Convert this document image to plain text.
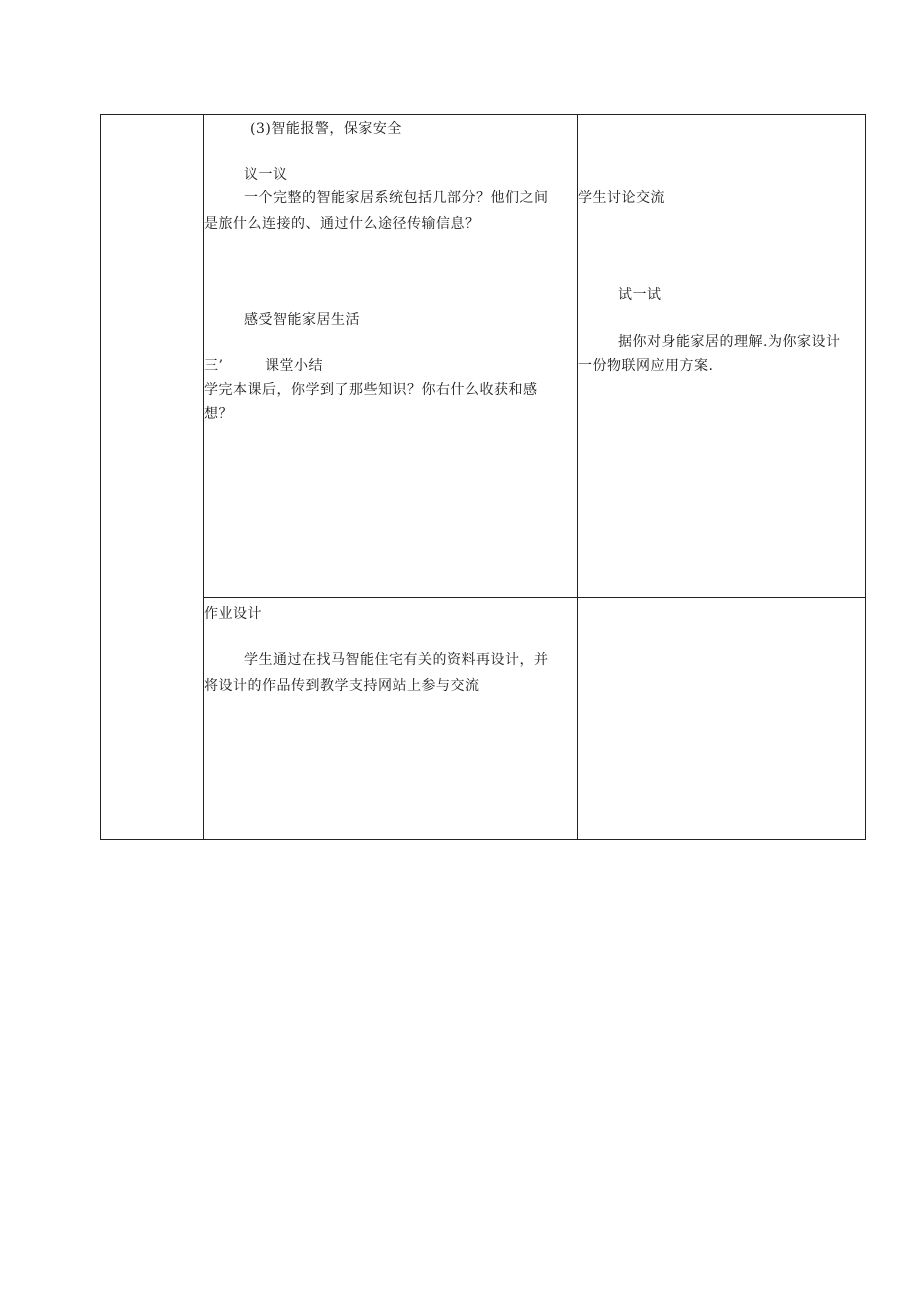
(3)智能报警，保家安全
议一议
一个完整的智能家居系统包括几部分？他们之间
是旅什么连接的、通过什么途径传输信息？
感受智能家居生活
三’	课堂小结
学完本课后，你学到了那些知识？你右什么收获和感
想？
学生讨论交流
试一试
据你对身能家居的理解.为你家设计
一份物联网应用方案.
作业设计
学生通过在找马智能住宅有关的资料再设计，并
将设计的作品传到教学支持网站上参与交流
